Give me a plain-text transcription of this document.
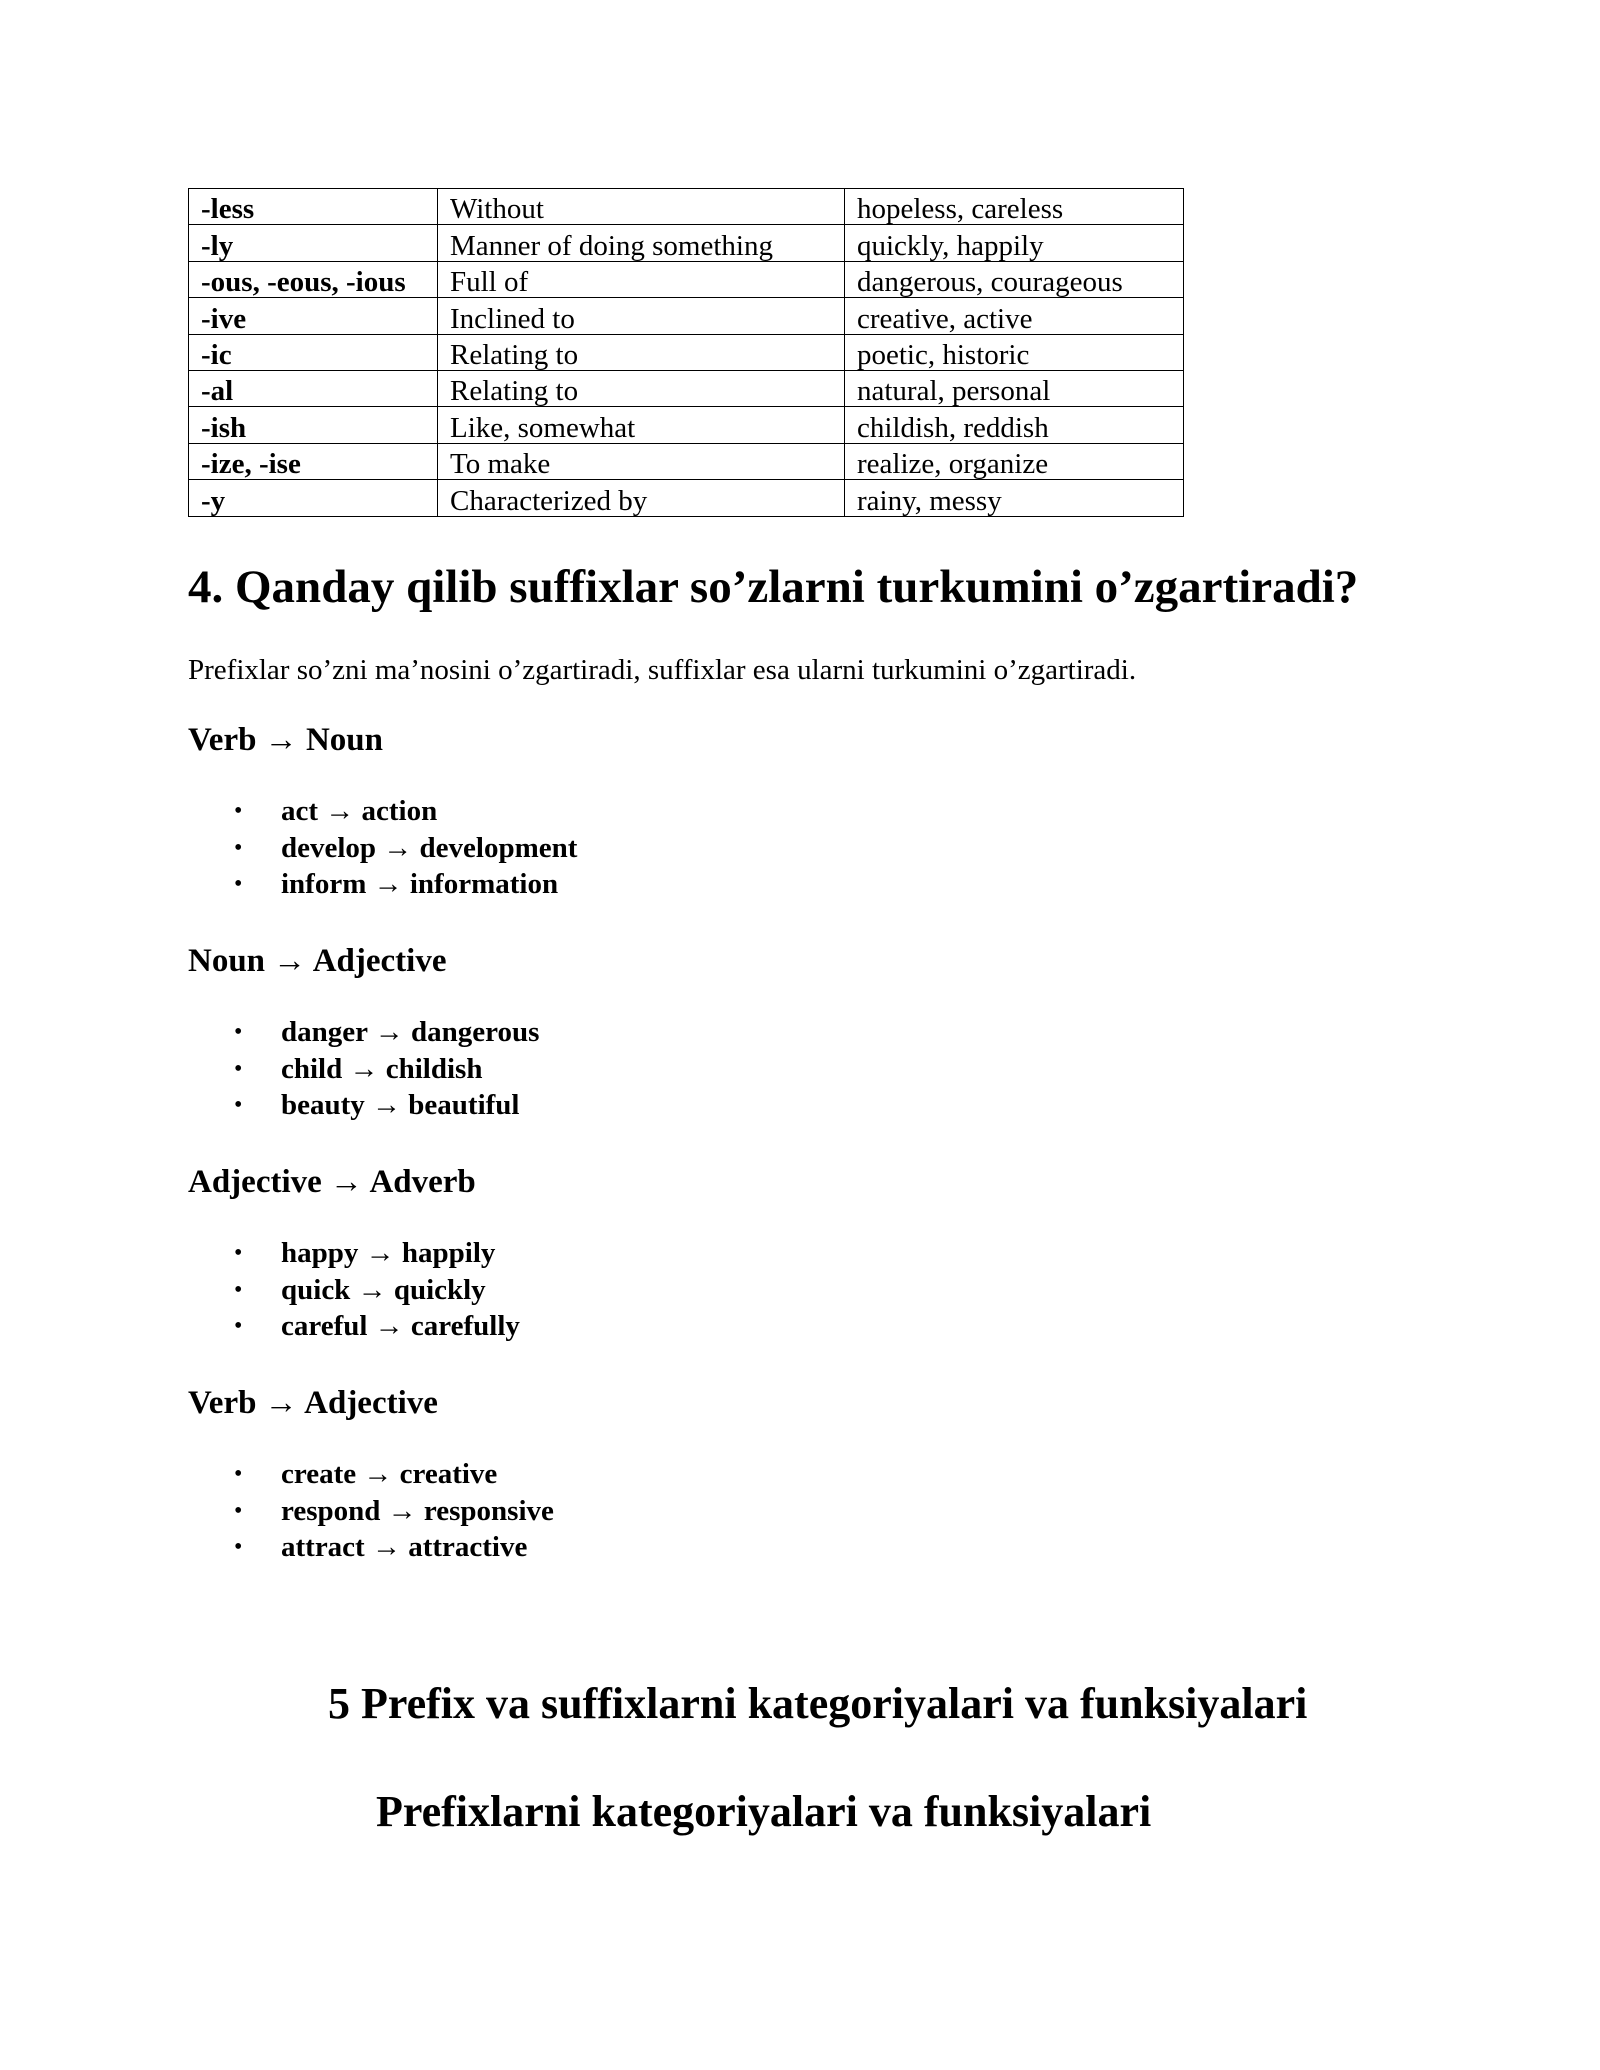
-less	Without	hopeless, careless
-ly	Manner of doing something	quickly, happily
-ous, -eous, -ious	Full of	dangerous, courageous
-ive	Inclined to	creative, active
-ic	Relating to	poetic, historic
-al	Relating to	natural, personal
-ish	Like, somewhat	childish, reddish
-ize, -ise	To make	realize, organize
-y	Characterized by	rainy, messy
4. Qanday qilib suffixlar so’zlarni turkumini o’zgartiradi?

Prefixlar so’zni ma’nosini o’zgartiradi, suffixlar esa ularni turkumini o’zgartiradi.

Verb → Noun
• act → action
• develop → development
• inform → information
Noun → Adjective
• danger → dangerous
• child → childish
• beauty → beautiful
Adjective → Adverb
• happy → happily
• quick → quickly
• careful → carefully
Verb → Adjective
• create → creative
• respond → responsive
• attract → attractive
5 Prefix va suffixlarni kategoriyalari va funksiyalari
Prefixlarni kategoriyalari va funksiyalari
